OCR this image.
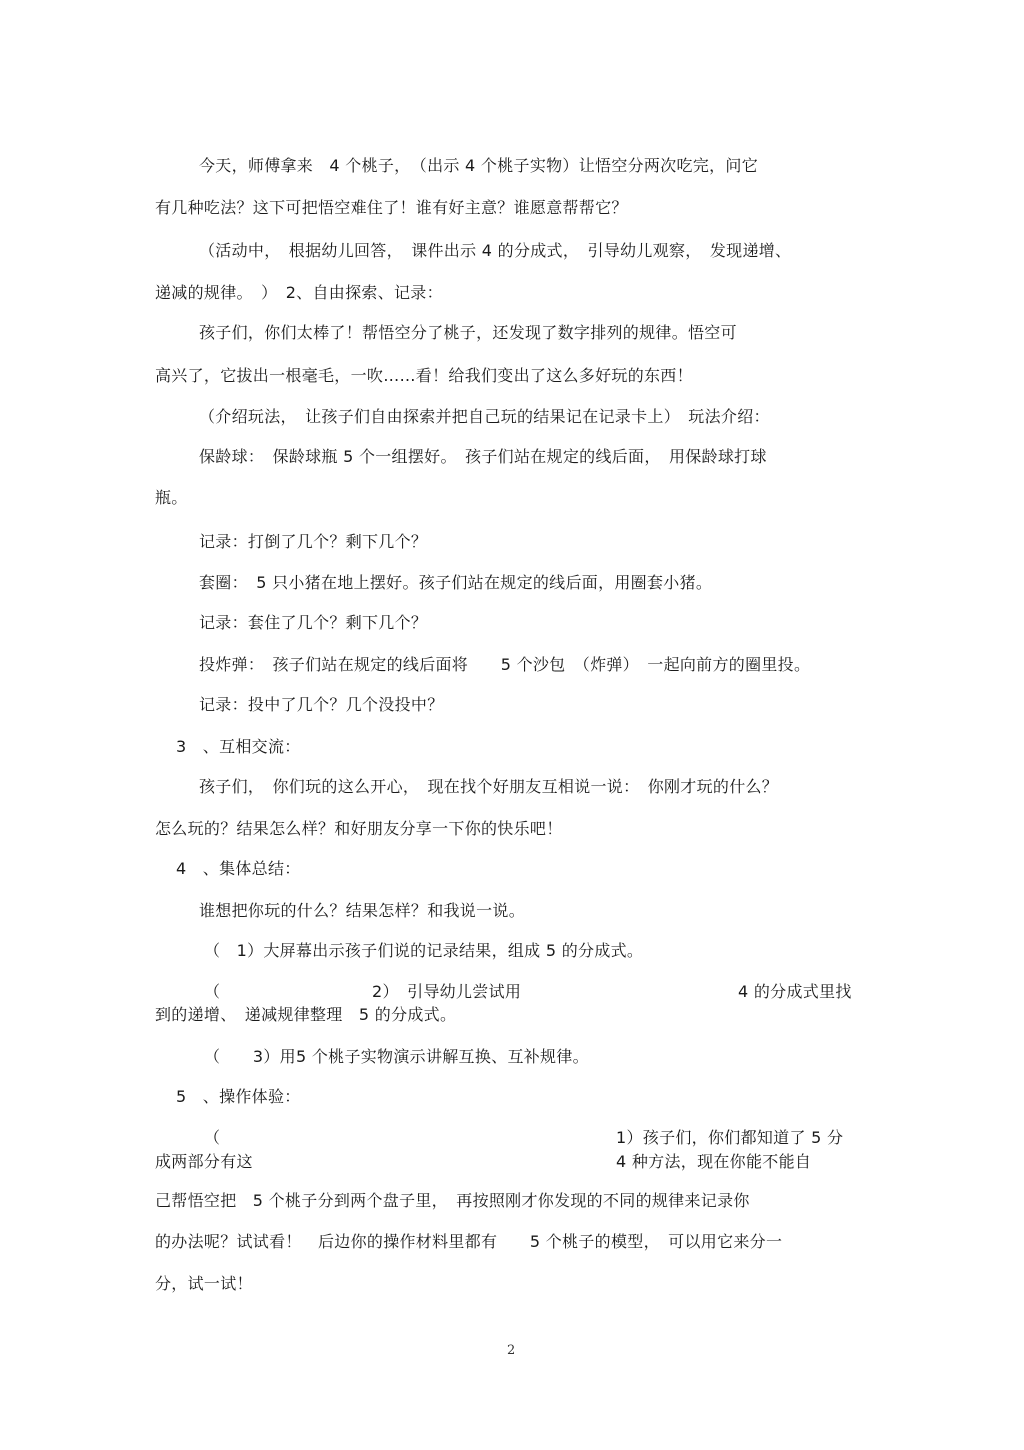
今天，师傅拿来　4 个桃子，　（出示 4 个桃子实物）让悟空分两次吃完，问它

有几种吃法？这下可把悟空难住了！谁有好主意？谁愿意帮帮它？

（活动中，　根据幼儿回答，　课件出示 4 的分成式，　引导幼儿观察，　发现递增、

递减的规律。　）　2、自由探索、记录：

孩子们，你们太棒了！帮悟空分了桃子，还发现了数字排列的规律。悟空可

高兴了，它拔出一根毫毛，一吹……看！给我们变出了这么多好玩的东西！

（介绍玩法，　让孩子们自由探索并把自己玩的结果记在记录卡上）　玩法介绍：

保龄球：　保龄球瓶 5 个一组摆好。　孩子们站在规定的线后面，　用保龄球打球

瓶。

记录：打倒了几个？剩下几个？

套圈：　5 只小猪在地上摆好。孩子们站在规定的线后面，用圈套小猪。

记录：套住了几个？剩下几个？

投炸弹：　孩子们站在规定的线后面将　　5 个沙包　（炸弹）　一起向前方的圈里投。

记录：投中了几个？几个没投中？

3　、互相交流：

孩子们，　你们玩的这么开心，　现在找个好朋友互相说一说：　你刚才玩的什么？

怎么玩的？结果怎么样？和好朋友分享一下你的快乐吧！

4　、集体总结：

谁想把你玩的什么？结果怎样？和我说一说。

（　1）大屏幕出示孩子们说的记录结果，组成 5 的分成式。

（	2）　引导幼儿尝试用	4 的分成式里找

到的递增、　递减规律整理　5 的分成式。

（　　3）用5 个桃子实物演示讲解互换、互补规律。

5　、操作体验：

（	1）孩子们，你们都知道了 5 分

成两部分有这	4 种方法，现在你能不能自

己帮悟空把　5 个桃子分到两个盘子里，　再按照刚才你发现的不同的规律来记录你

的办法呢？试试看！　后边你的操作材料里都有　　5 个桃子的模型，　可以用它来分一

分，试一试！

2
